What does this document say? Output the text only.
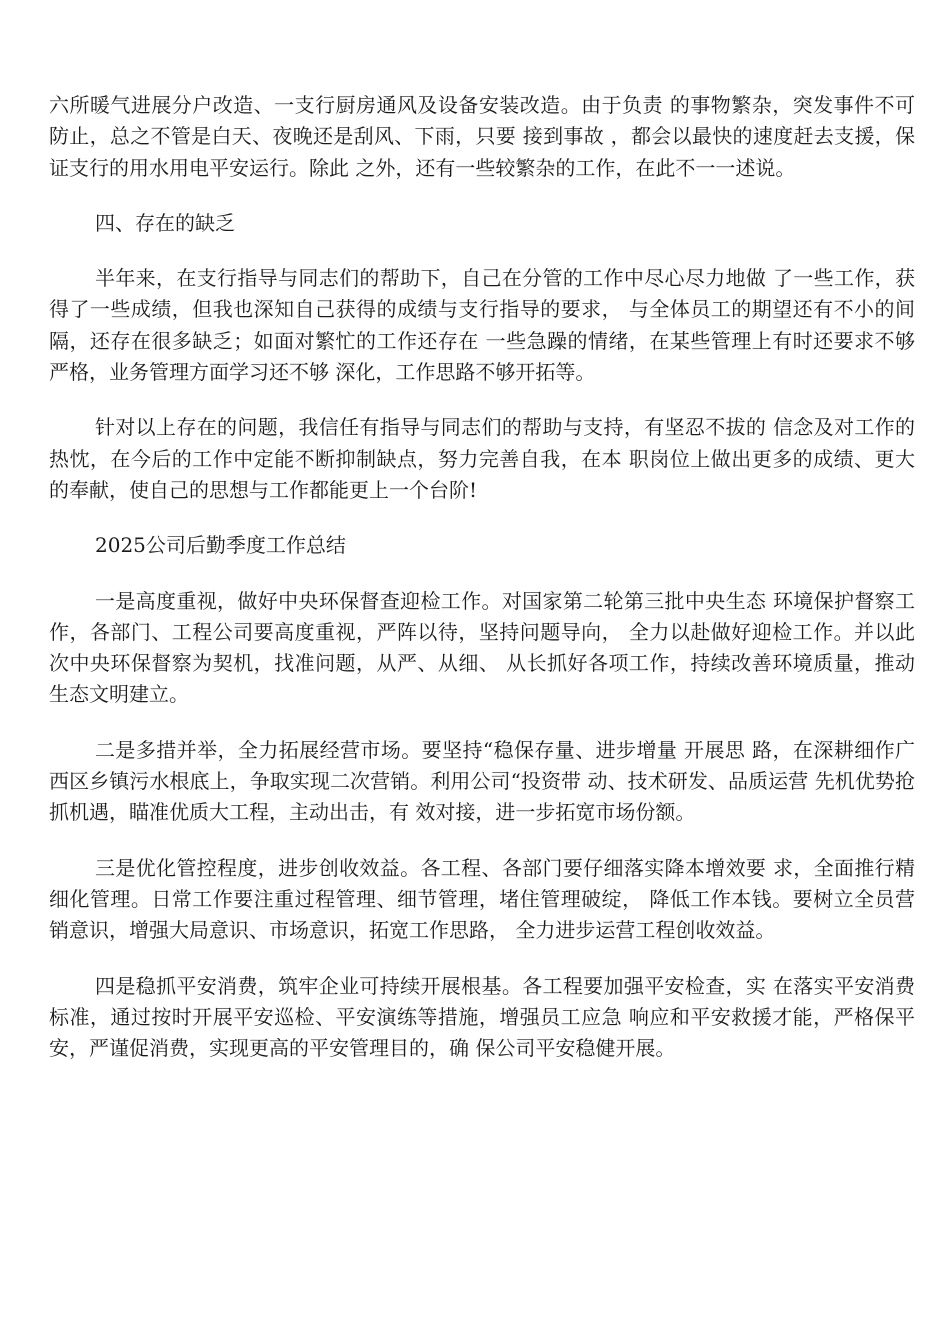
六所暖气进展分户改造、一支行厨房通风及设备安装改造。由于负责 的事物繁杂，突发事件不可防止，总之不管是白天、夜晚还是刮风、下雨，只要 接到事故 ，都会以最快的速度赶去支援，保证支行的用水用电平安运行。除此 之外，还有一些较繁杂的工作，在此不一一述说。

四、存在的缺乏

半年来，在支行指导与同志们的帮助下，自己在分管的工作中尽心尽力地做 了一些工作，获得了一些成绩，但我也深知自己获得的成绩与支行指导的要求， 与全体员工的期望还有不小的间隔，还存在很多缺乏；如面对繁忙的工作还存在 一些急躁的情绪，在某些管理上有时还要求不够严格，业务管理方面学习还不够 深化，工作思路不够开拓等。

针对以上存在的问题，我信任有指导与同志们的帮助与支持，有坚忍不拔的 信念及对工作的热忱，在今后的工作中定能不断抑制缺点，努力完善自我，在本 职岗位上做出更多的成绩、更大的奉献，使自己的思想与工作都能更上一个台阶!

2025公司后勤季度工作总结

一是高度重视，做好中央环保督查迎检工作。对国家第二轮第三批中央生态 环境保护督察工作，各部门、工程公司要高度重视，严阵以待，坚持问题导向， 全力以赴做好迎检工作。并以此次中央环保督察为契机，找准问题，从严、从细、 从长抓好各项工作，持续改善环境质量，推动生态文明建立。

二是多措并举，全力拓展经营市场。要坚持“稳保存量、进步增量 开展思 路，在深耕细作广西区乡镇污水根底上，争取实现二次营销。利用公司“投资带 动、技术研发、品质运营 先机优势抢抓机遇，瞄准优质大工程，主动出击，有 效对接，进一步拓宽市场份额。

三是优化管控程度，进步创收效益。各工程、各部门要仔细落实降本增效要 求，全面推行精细化管理。日常工作要注重过程管理、细节管理，堵住管理破绽， 降低工作本钱。要树立全员营销意识，增强大局意识、市场意识，拓宽工作思路， 全力进步运营工程创收效益。

四是稳抓平安消费，筑牢企业可持续开展根基。各工程要加强平安检查，实 在落实平安消费标准，通过按时开展平安巡检、平安演练等措施，增强员工应急 响应和平安救援才能，严格保平安，严谨促消费，实现更高的平安管理目的，确 保公司平安稳健开展。
